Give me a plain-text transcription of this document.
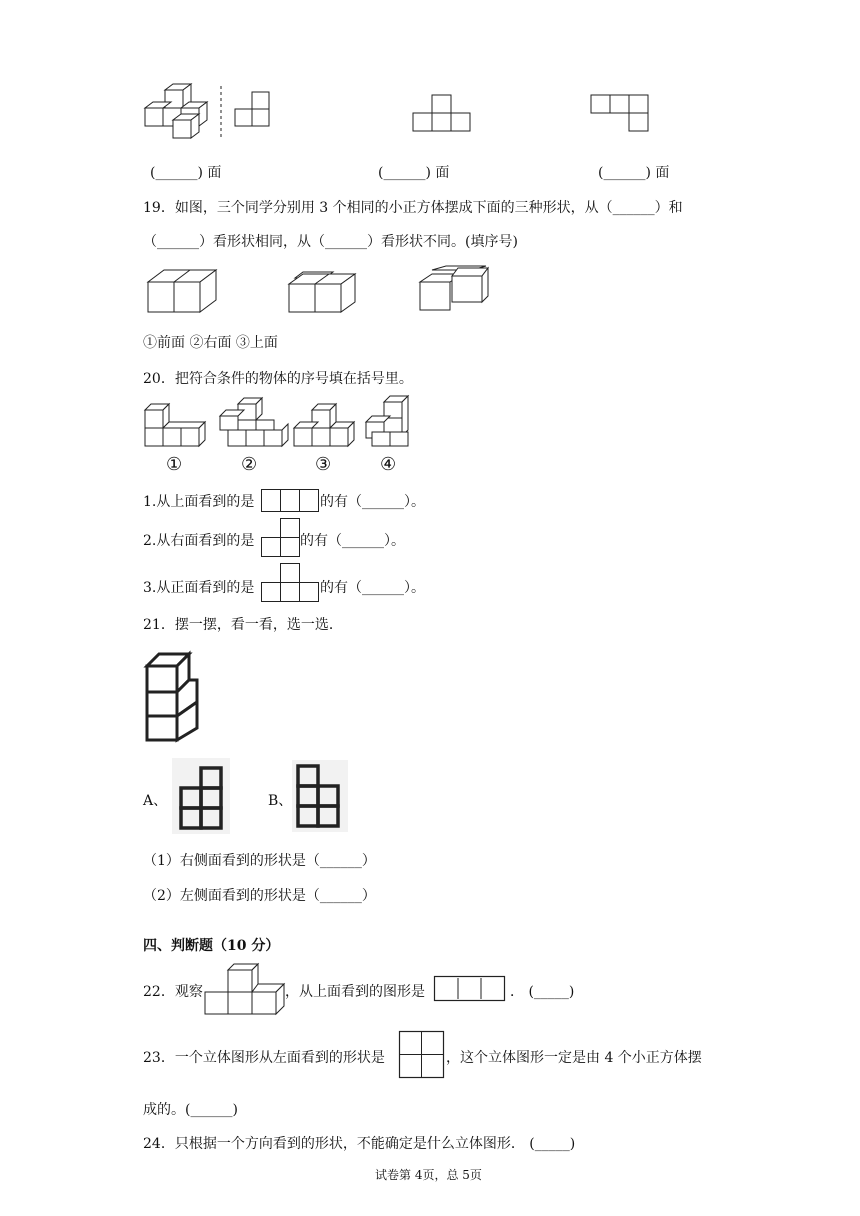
(______) 面	(______) 面	(______) 面
19．如图，三个同学分别用 3 个相同的小正方体摆成下面的三种形状，从（______）和
（______）看形状相同，从（______）看形状不同。(填序号)
①前面 ②右面 ③上面
20．把符合条件的物体的序号填在括号里。
①	②	③	④
1.从上面看到的是	的有（______）。
2.从右面看到的是	的有（______）。
3.从正面看到的是	的有（______）。
21．摆一摆，看一看，选一选．
A、	B、
（1）右侧面看到的形状是（______）
（2）左侧面看到的形状是（______）
四、判断题（10 分）
22．观察	，从上面看到的图形是	． (_____)
23．一个立体图形从左面看到的形状是	，这个立体图形一定是由 4 个小正方体摆
成的。(______)
24．只根据一个方向看到的形状，不能确定是什么立体图形． (_____)
试卷第 4页，总 5页
